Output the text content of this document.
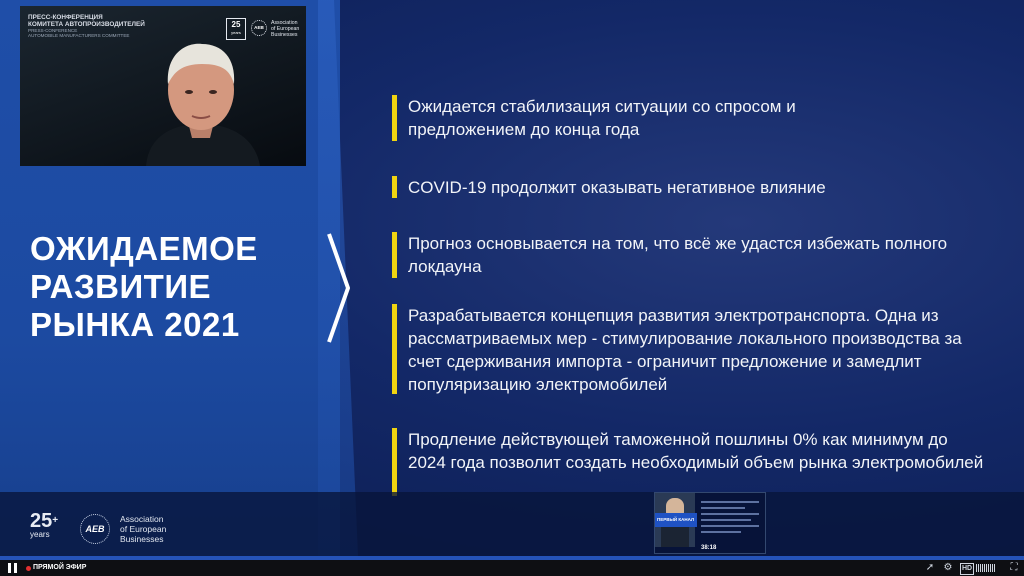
ПРЕСС-КОНФЕРЕНЦИЯ
КОМИТЕТА АВТОПРОИЗВОДИТЕЛЕЙ
PRESS-CONFERENCE
AUTOMOBILE MANUFACTURERS COMMITTEE
25
years
AEB
Association
of European
Businesses
ОЖИДАЕМОЕ
РАЗВИТИЕ
РЫНКА 2021
Ожидается стабилизация ситуации со спросом и предложением до конца года
COVID-19 продолжит оказывать негативное влияние
Прогноз основывается на том, что всё же удастся избежать полного локдауна
Разрабатывается концепция развития электротранспорта. Одна из рассматриваемых мер - стимулирование локального производства за счет сдерживания импорта - ограничит предложение и замедлит популяризацию электромобилей
Продление действующей таможенной пошлины 0% как минимум до 2024 года позволит создать необходимый объем рынка электромобилей
25+
years
AEB
Association
of European
Businesses
ПЕРВЫЙ КАНАЛ
38:18
ПРЯМОЙ ЭФИР	➚ ⚙ HD	⛶
